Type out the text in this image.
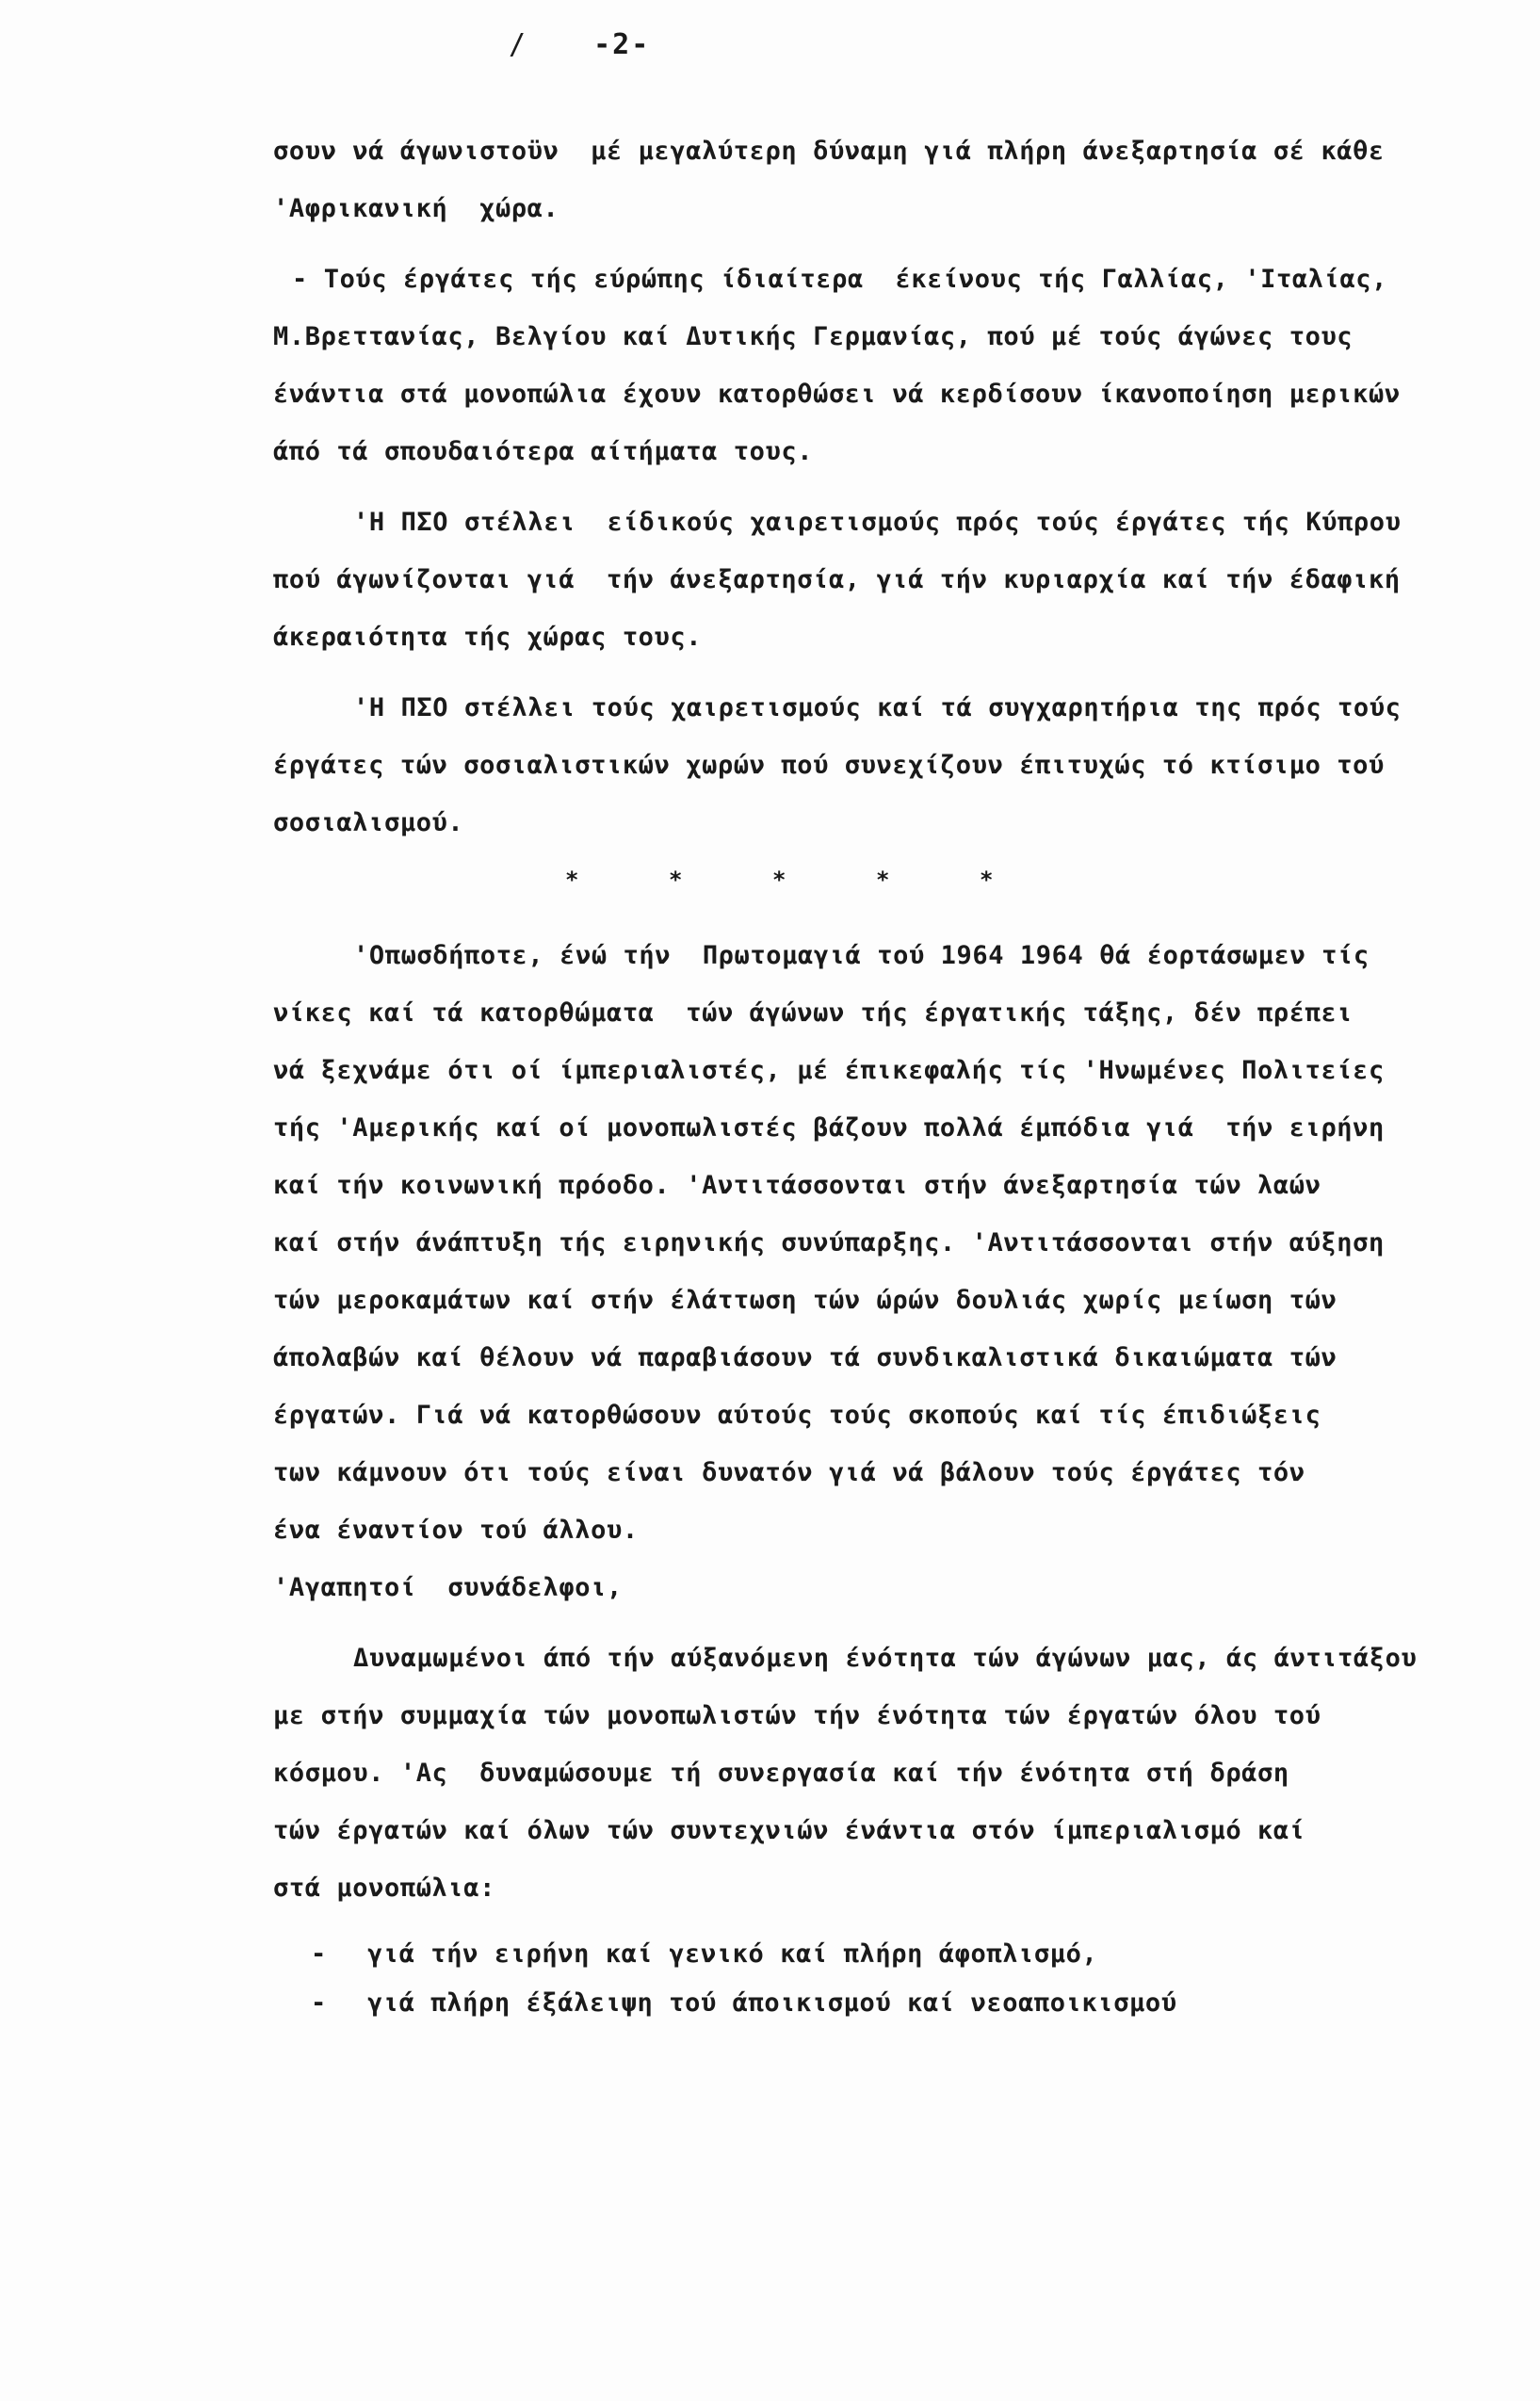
/ -2-
σουν νά άγωνιστοϋν  μέ μεγαλύτερη δύναμη γιά πλήρη άνεξαρτησία σέ κάθε
'Αφρικανική  χώρα.
- Τούς έργάτες τής εύρώπης ίδιαίτερα  έκείνους τής Γαλλίας, 'Ιταλίας,
Μ.Βρεττανίας, Βελγίου καί Δυτικής Γερμανίας, πού μέ τούς άγώνες τους
ένάντια στά μονοπώλια έχουν κατορθώσει νά κερδίσουν ίκανοποίηση μερικών
άπό τά σπουδαιότερα αίτήματα τους.
'Η ΠΣΟ στέλλει  είδικούς χαιρετισμούς πρός τούς έργάτες τής Κύπρου
πού άγωνίζονται γιά  τήν άνεξαρτησία, γιά τήν κυριαρχία καί τήν έδαφική
άκεραιότητα τής χώρας τους.
'Η ΠΣΟ στέλλει τούς χαιρετισμούς καί τά συγχαρητήρια της πρός τούς
έργάτες τών σοσιαλιστικών χωρών πού συνεχίζουν έπιτυχώς τό κτίσιμο τού
σοσιαλισμού.
*	*	*	*	*
'Οπωσδήποτε, ένώ τήν  Πρωτομαγιά τού 1964 1964 θά έορτάσωμεν τίς
νίκες καί τά κατορθώματα  τών άγώνων τής έργατικής τάξης, δέν πρέπει
νά ξεχνάμε ότι οί ίμπεριαλιστές, μέ έπικεφαλής τίς 'Ηνωμένες Πολιτείες
τής 'Αμερικής καί οί μονοπωλιστές βάζουν πολλά έμπόδια γιά  τήν ειρήνη
καί τήν κοινωνική πρόοδο. 'Αντιτάσσονται στήν άνεξαρτησία τών λαών
καί στήν άνάπτυξη τής ειρηνικής συνύπαρξης. 'Αντιτάσσονται στήν αύξηση
τών μεροκαμάτων καί στήν έλάττωση τών ώρών δουλιάς χωρίς μείωση τών
άπολαβών καί θέλουν νά παραβιάσουν τά συνδικαλιστικά δικαιώματα τών
έργατών. Γιά νά κατορθώσουν αύτούς τούς σκοπούς καί τίς έπιδιώξεις
των κάμνουν ότι τούς είναι δυνατόν γιά νά βάλουν τούς έργάτες τόν
ένα έναντίον τού άλλου.
'Αγαπητοί  συνάδελφοι,
Δυναμωμένοι άπό τήν αύξανόμενη ένότητα τών άγώνων μας, άς άντιτάξου
με στήν συμμαχία τών μονοπωλιστών τήν ένότητα τών έργατών όλου τού
κόσμου. 'Ας  δυναμώσουμε τή συνεργασία καί τήν ένότητα στή δράση
τών έργατών καί όλων τών συντεχνιών ένάντια στόν ίμπεριαλισμό καί
στά μονοπώλια:
- γιά τήν ειρήνη καί γενικό καί πλήρη άφοπλισμό,
- γιά πλήρη έξάλειψη τού άποικισμού καί νεοαποικισμού
